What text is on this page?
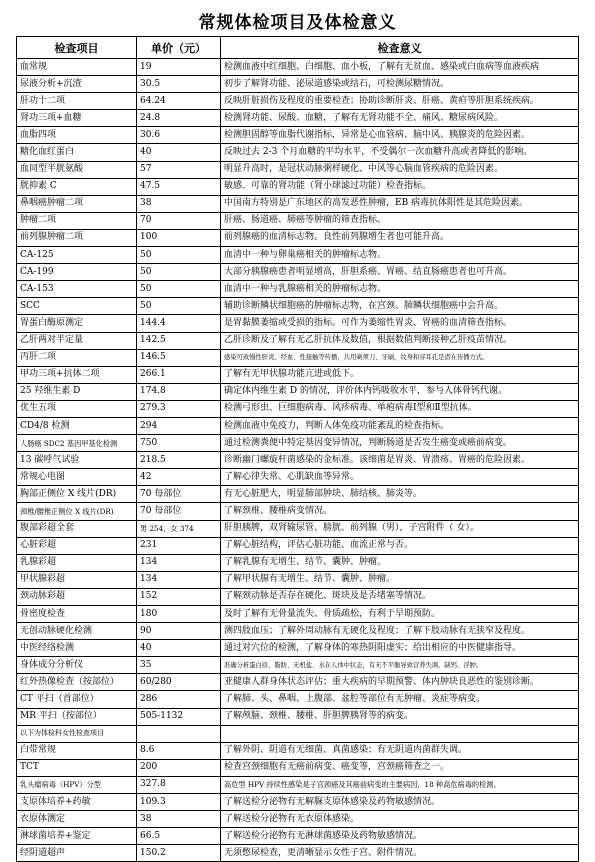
常规体检项目及体检意义
检查项目	单价（元）	检查意义
血常规	19	检测血液中红细胞、白细胞、血小板，了解有无贫血、感染或白血病等血液疾病
尿液分析+沉渣	30.5	初步了解肾功能、泌尿道感染或结石，可检测尿糖情况。
肝功十二项	64.24	反映肝脏损伤及程度的重要检查；协助诊断肝炎、肝癌、黄疸等肝胆系统疾病。
肾功三项+血糖	24.8	检测肾功能、尿酸、血糖，了解有无肾功能不全、痛风、糖尿病风险。
血脂四项	30.6	检测胆固醇等血脂代谢指标，异常是心血管病、脑中风、胰腺炎的危险因素。
糖化血红蛋白	40	反映过去 2-3 个月血糖的平均水平，不受偶尔一次血糖升高或者降低的影响。
血同型半胱氨酸	57	明显升高时，是冠状动脉粥样硬化、中风等心脑血管疾病的危险因素。
胱抑素 C	47.5	敏感、可靠的肾功能（肾小球滤过功能）检查指标。
鼻咽癌肿瘤二项	38	中国南方特别是广东地区的高发恶性肿瘤，EB 病毒抗体阳性是其危险因素。
肿瘤二项	70	肝癌、肠道癌、肺癌等肿瘤的筛查指标。
前列腺肿瘤二项	100	前列腺癌的血清标志物。良性前列腺增生者也可能升高。
CA-125	50	血清中一种与卵巢癌相关的肿瘤标志物。
CA-199	50	大部分胰腺癌患者明显增高，肝胆系癌、胃癌、结直肠癌患者也可升高。
CA-153	50	血清中一种与乳腺癌相关的肿瘤标志物。
SCC	50	辅助诊断鳞状细胞癌的肿瘤标志物，在宫颈、肺鳞状细胞癌中会升高。
胃蛋白酶原测定	144.4	是胃黏膜萎缩或受损的指标。可作为萎缩性胃炎、胃癌的血清筛查指标。
乙肝两对半定量	142.5	乙肝诊断及了解有无乙肝抗体及数值，根据数值判断接种乙肝疫苗情况。
丙肝二项	146.5	感染可致慢性肝炎、经血、性接触等传播，共用剃须刀、牙刷，纹身和穿耳孔是潜在传播方式。
甲功三项+抗体二项	266.1	了解有无甲状腺功能亢进或低下。
25 羟维生素 D	174.8	确定体内维生素 D 的情况，评价体内钙吸收水平，参与人体骨钙代谢。
优生五项	279.3	检测弓形虫、巨细胞病毒、风疹病毒、单疱病毒Ⅰ型和Ⅱ型抗体。
CD4/8 检测	294	检测血液中免疫力，判断人体免疫功能紊乱的检查指标。
人肠癌 SDC2 基因甲基化检测	750	通过检测粪便中特定基因变异情况，判断肠道是否发生癌变或癌前病变。
13 碳呼气试验	218.5	诊断幽门螺旋杆菌感染的金标准。该细菌是胃炎、胃溃疡、胃癌的危险因素。
常规心电图	42	了解心律失常、心肌缺血等异常。
胸部正侧位 X 线片(DR)	70 每部位	有无心脏肥大，明显肺部肿块、肺结核、肺炎等。
颈椎/腰椎正侧位 X 线片(DR)	70 每部位	了解颈椎、腰椎病变情况。
腹部彩超全套	男 254，女 374	肝胆胰脾，双肾输尿管、膀胱、前列腺（男），子宫附件（ 女）。
心脏彩超	231	了解心脏结构，评估心脏功能、血流正常与否。
乳腺彩超	134	了解乳腺有无增生、结节、囊肿、肿瘤。
甲状腺彩超	134	了解甲状腺有无增生、结节、囊肿、肿瘤。
颈动脉彩超	152	了解颈动脉是否存在硬化、斑块及是否堵塞等情况。
骨密度检查	180	及时了解有无骨量流失、骨质疏松，有利于早期预防。
无创动脉硬化检测	90	测四肢血压；了解外周动脉有无硬化及程度；了解下肢动脉有无狭窄及程度。
中医经络检测	40	通过对穴位的检测，了解身体的寒热阴阳虚实；给出相应的中医健康指导。
身体成分分析仪	35	准确分析蛋白质、脂肪、无机盐、水在人体中状态，有无不平衡导致营养失调、缺钙、浮肿。
红外热像检查（按部位）	60/280	亚健康人群身体状态评估；重大疾病的早期预警、体内肿块良恶性的鉴别诊断。
CT 平扫（首部位）	286	了解肺、头、鼻咽、上腹部、盆腔等部位有无肿瘤、炎症等病变。
MR 平扫（按部位）	505-1132	了解颅脑、颈椎、腰椎、肝胆脾胰肾等的病变。
以下为体检科女性检查项目		
白带常规	8.6	了解外阴、阴道有无细菌、真菌感染；有无阴道内菌群失调。
TCT	200	检查宫颈细胞有无癌前病变、癌变等，宫颈癌筛查之一。
乳头瘤病毒（HPV）分型	327.8	高危型 HPV 持续性感染是子宫颈癌及其癌前病变的主要病因，18 种高危病毒的检测。
支原体培养+药敏	109.3	了解送检分泌物有无解脲支原体感染及药物敏感情况。
衣原体测定	38	了解送检分泌物有无衣原体感染。
淋球菌培养+鉴定	66.5	了解送检分泌物有无淋球菌感染及药物敏感情况。
经阴道超声	150.2	无须憋尿检查，更清晰显示女性子宫、附件情况。
